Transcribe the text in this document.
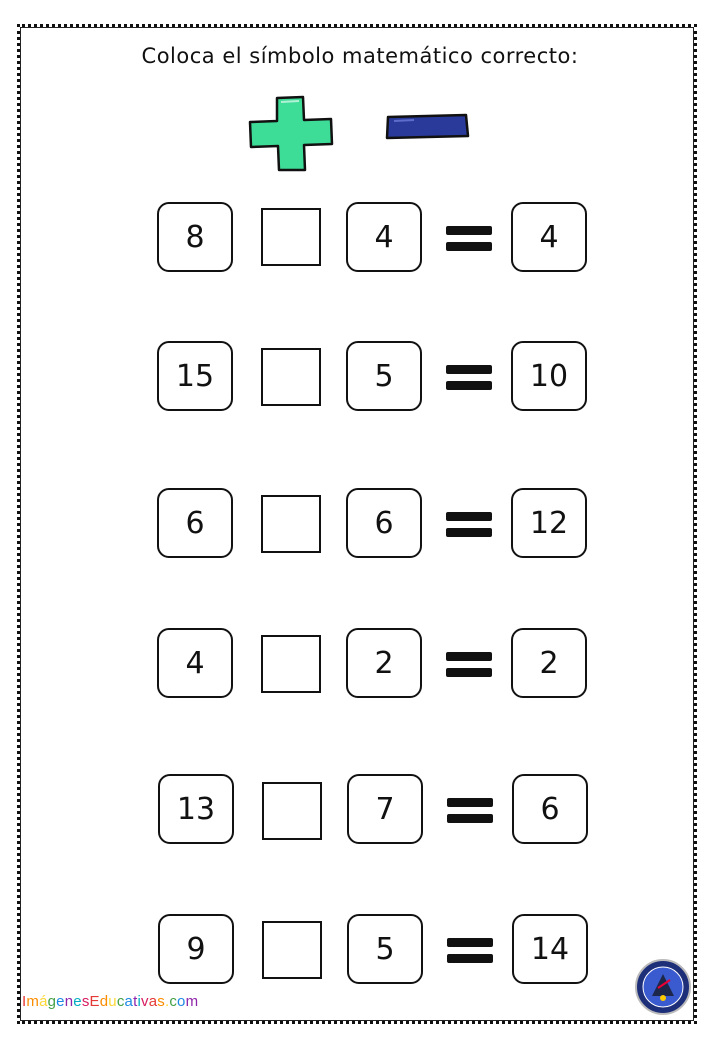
Coloca el símbolo matemático correcto:
8	4	4
15	5	10
6	6	12
4	2	2
13	7	6
9	5	14
ImágenesEducativas.com
